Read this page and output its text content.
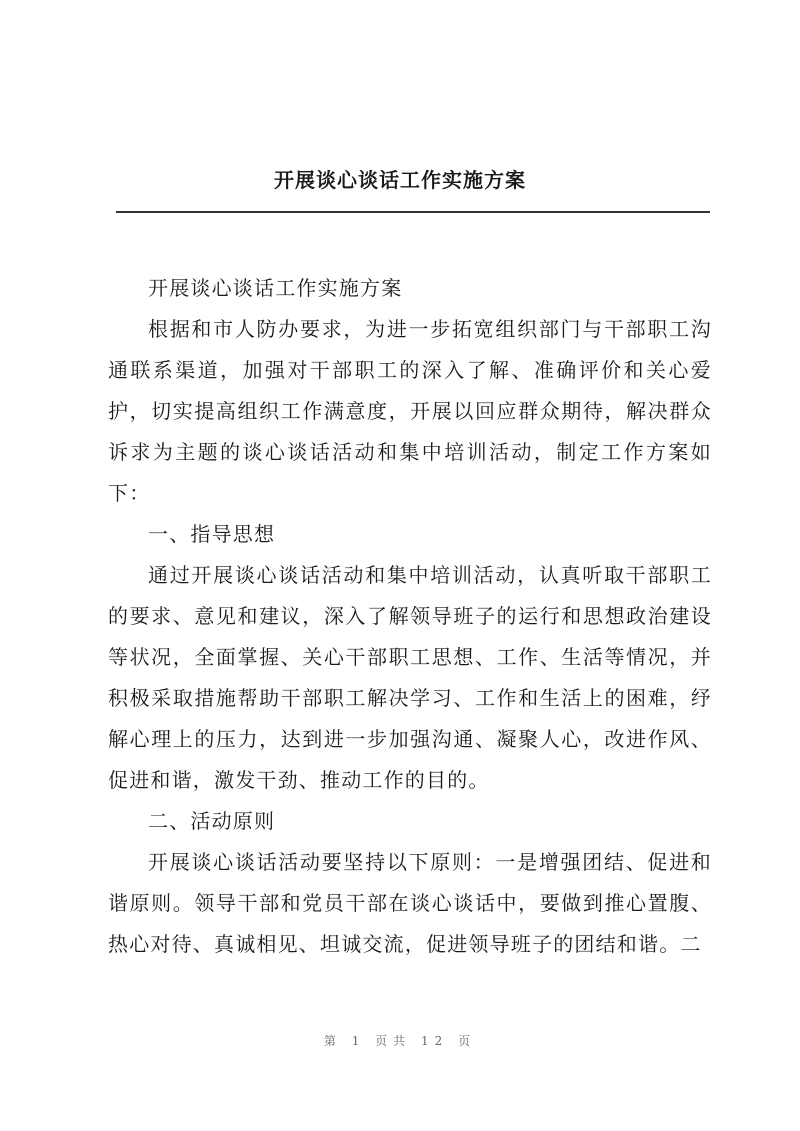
开展谈心谈话工作实施方案

开展谈心谈话工作实施方案

根据和市人防办要求，为进一步拓宽组织部门与干部职工沟通联系渠道，加强对干部职工的深入了解、准确评价和关心爱护，切实提高组织工作满意度，开展以回应群众期待，解决群众诉求为主题的谈心谈话活动和集中培训活动，制定工作方案如下：

一、指导思想

通过开展谈心谈话活动和集中培训活动，认真听取干部职工的要求、意见和建议，深入了解领导班子的运行和思想政治建设等状况，全面掌握、关心干部职工思想、工作、生活等情况，并积极采取措施帮助干部职工解决学习、工作和生活上的困难，纾解心理上的压力，达到进一步加强沟通、凝聚人心，改进作风、促进和谐，激发干劲、推动工作的目的。

二、活动原则

开展谈心谈话活动要坚持以下原则：一是增强团结、促进和谐原则。领导干部和党员干部在谈心谈话中，要做到推心置腹、热心对待、真诚相见、坦诚交流，促进领导班子的团结和谐。二

第 1 页共 12 页
